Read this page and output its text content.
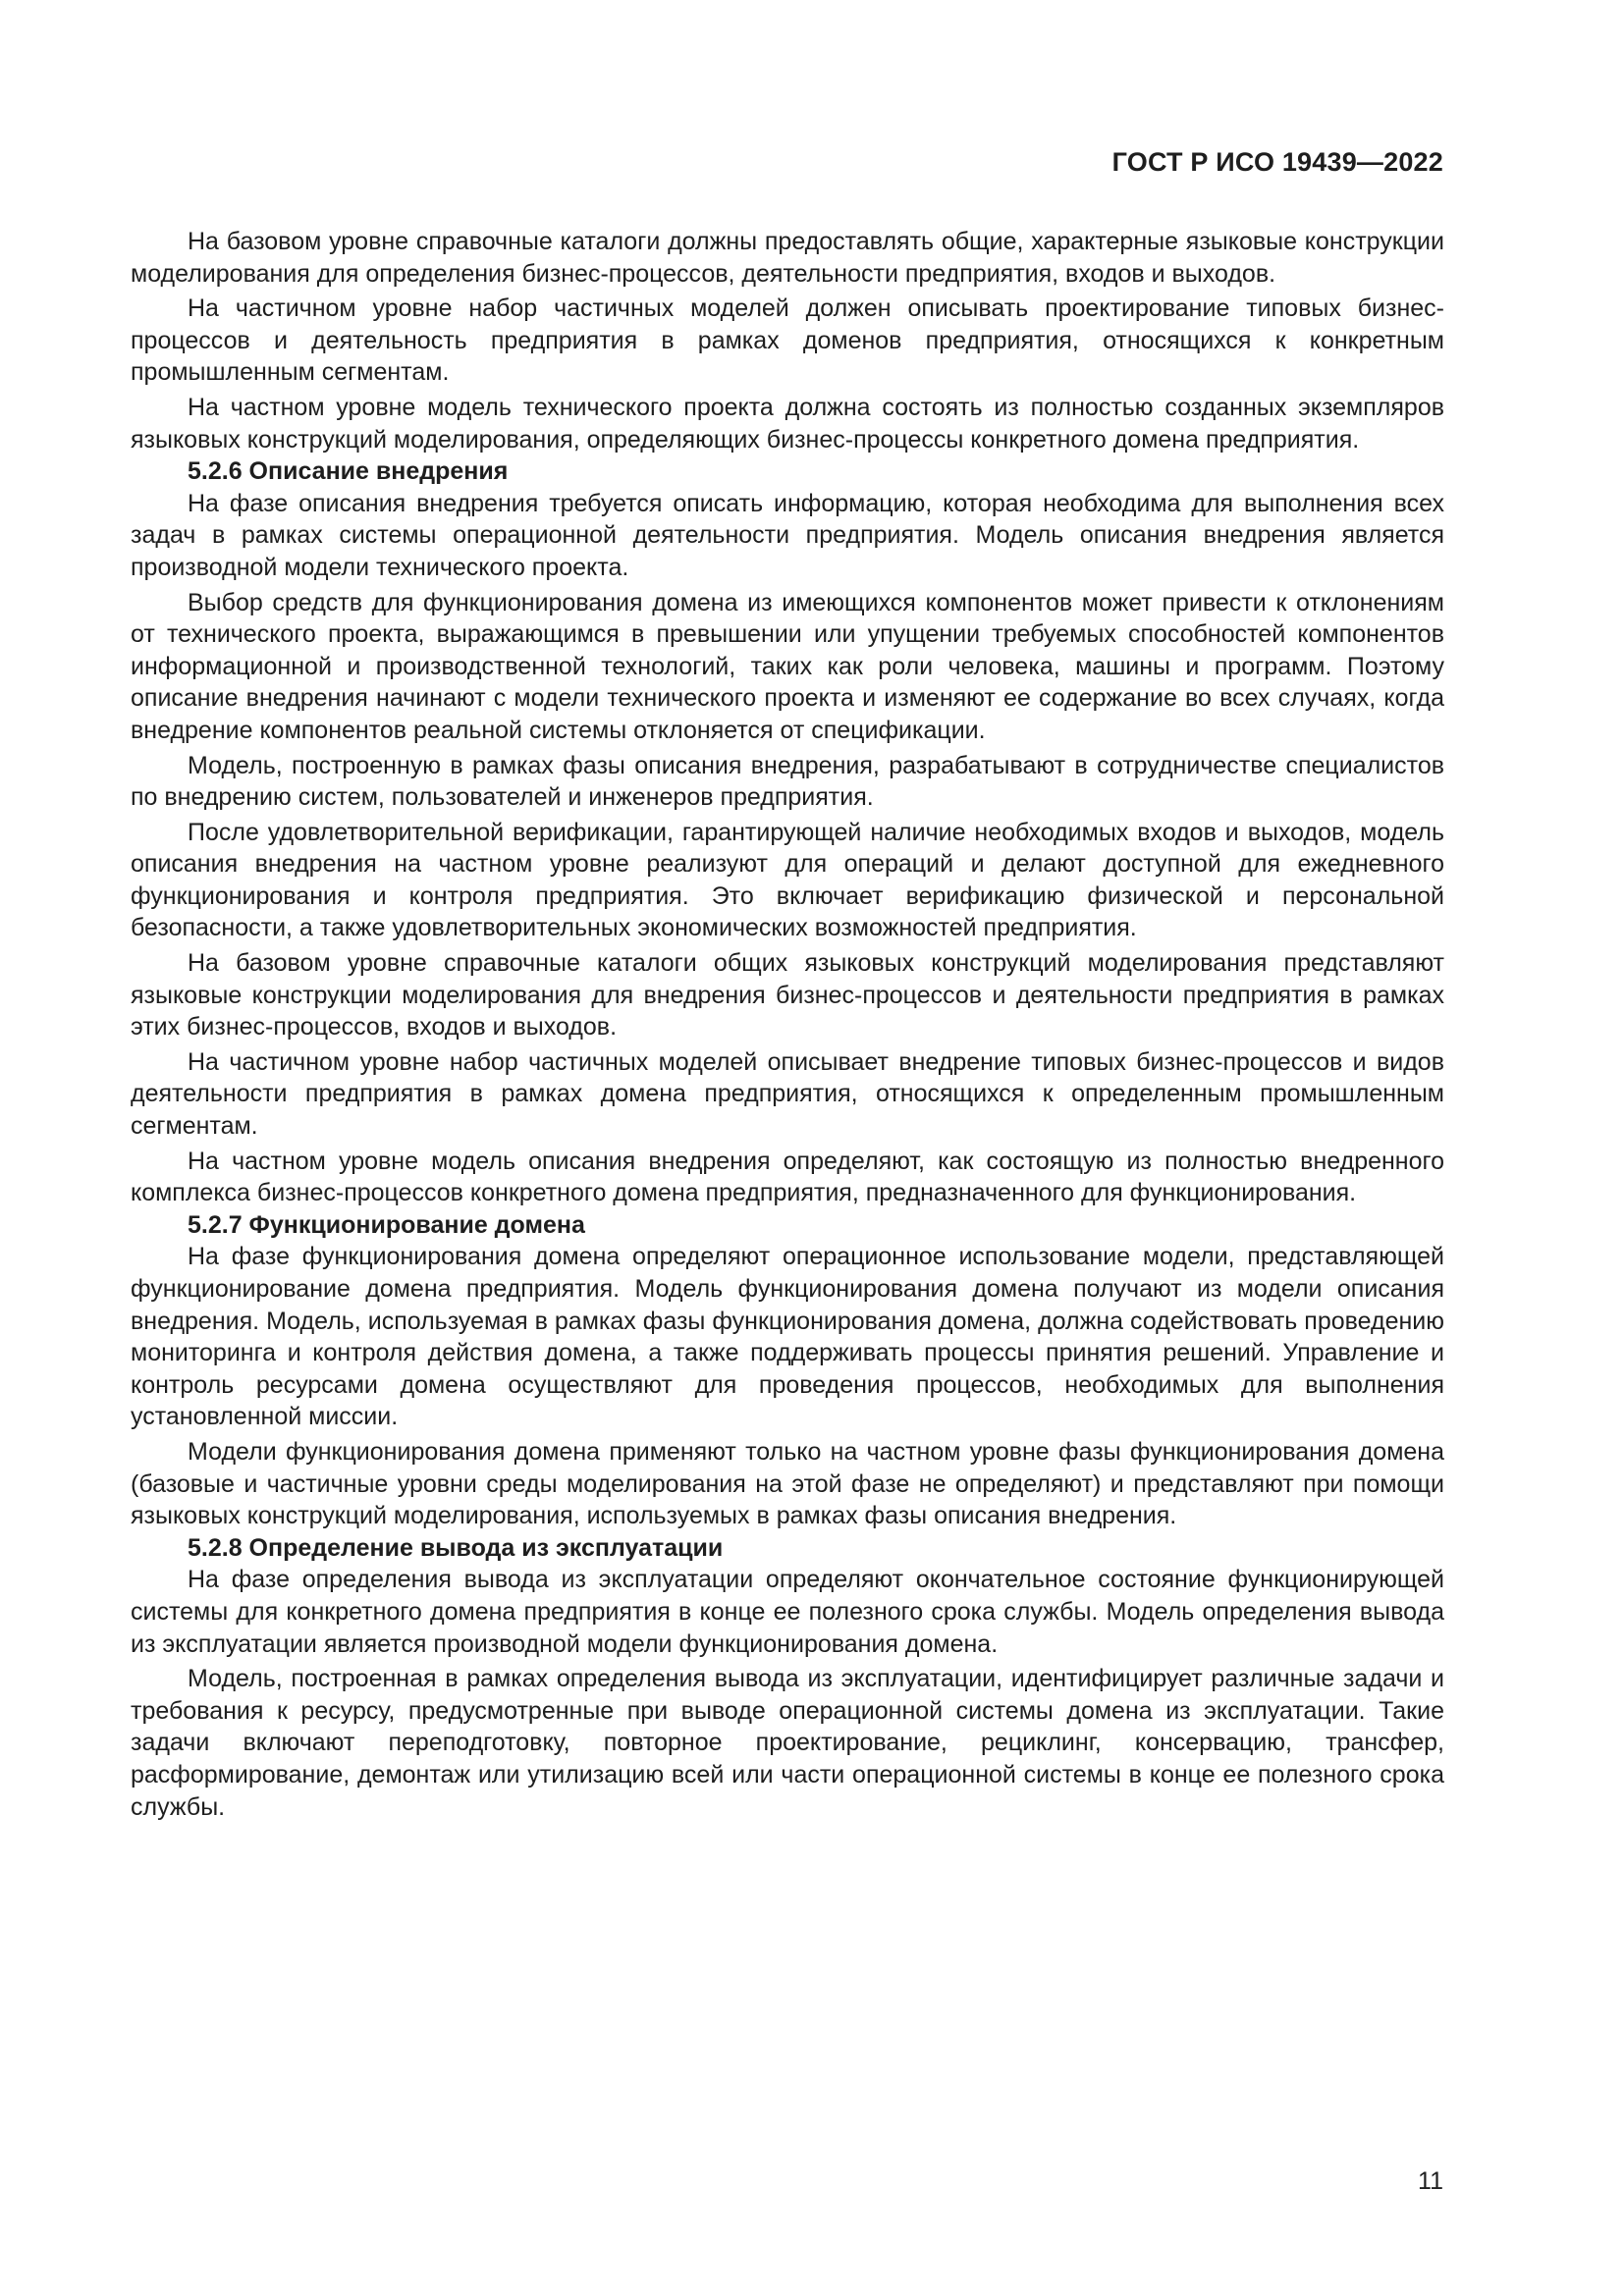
ГОСТ Р ИСО 19439—2022

На базовом уровне справочные каталоги должны предоставлять общие, характерные языковые конструкции моделирования для определения бизнес-процессов, деятельности предприятия, входов и выходов.

На частичном уровне набор частичных моделей должен описывать проектирование типовых бизнес-процессов и деятельность предприятия в рамках доменов предприятия, относящихся к конкретным промышленным сегментам.

На частном уровне модель технического проекта должна состоять из полностью созданных экземпляров языковых конструкций моделирования, определяющих бизнес-процессы конкретного домена предприятия.

5.2.6 Описание внедрения

На фазе описания внедрения требуется описать информацию, которая необходима для выполнения всех задач в рамках системы операционной деятельности предприятия. Модель описания внедрения является производной модели технического проекта.

Выбор средств для функционирования домена из имеющихся компонентов может привести к отклонениям от технического проекта, выражающимся в превышении или упущении требуемых способностей компонентов информационной и производственной технологий, таких как роли человека, машины и программ. Поэтому описание внедрения начинают с модели технического проекта и изменяют ее содержание во всех случаях, когда внедрение компонентов реальной системы отклоняется от спецификации.

Модель, построенную в рамках фазы описания внедрения, разрабатывают в сотрудничестве специалистов по внедрению систем, пользователей и инженеров предприятия.

После удовлетворительной верификации, гарантирующей наличие необходимых входов и выходов, модель описания внедрения на частном уровне реализуют для операций и делают доступной для ежедневного функционирования и контроля предприятия. Это включает верификацию физической и персональной безопасности, а также удовлетворительных экономических возможностей предприятия.

На базовом уровне справочные каталоги общих языковых конструкций моделирования представляют языковые конструкции моделирования для внедрения бизнес-процессов и деятельности предприятия в рамках этих бизнес-процессов, входов и выходов.

На частичном уровне набор частичных моделей описывает внедрение типовых бизнес-процессов и видов деятельности предприятия в рамках домена предприятия, относящихся к определенным промышленным сегментам.

На частном уровне модель описания внедрения определяют, как состоящую из полностью внедренного комплекса бизнес-процессов конкретного домена предприятия, предназначенного для функционирования.

5.2.7 Функционирование домена

На фазе функционирования домена определяют операционное использование модели, представляющей функционирование домена предприятия. Модель функционирования домена получают из модели описания внедрения. Модель, используемая в рамках фазы функционирования домена, должна содействовать проведению мониторинга и контроля действия домена, а также поддерживать процессы принятия решений. Управление и контроль ресурсами домена осуществляют для проведения процессов, необходимых для выполнения установленной миссии.

Модели функционирования домена применяют только на частном уровне фазы функционирования домена (базовые и частичные уровни среды моделирования на этой фазе не определяют) и представляют при помощи языковых конструкций моделирования, используемых в рамках фазы описания внедрения.

5.2.8 Определение вывода из эксплуатации

На фазе определения вывода из эксплуатации определяют окончательное состояние функционирующей системы для конкретного домена предприятия в конце ее полезного срока службы. Модель определения вывода из эксплуатации является производной модели функционирования домена.

Модель, построенная в рамках определения вывода из эксплуатации, идентифицирует различные задачи и требования к ресурсу, предусмотренные при выводе операционной системы домена из эксплуатации. Такие задачи включают переподготовку, повторное проектирование, рециклинг, консервацию, трансфер, расформирование, демонтаж или утилизацию всей или части операционной системы в конце ее полезного срока службы.

11
